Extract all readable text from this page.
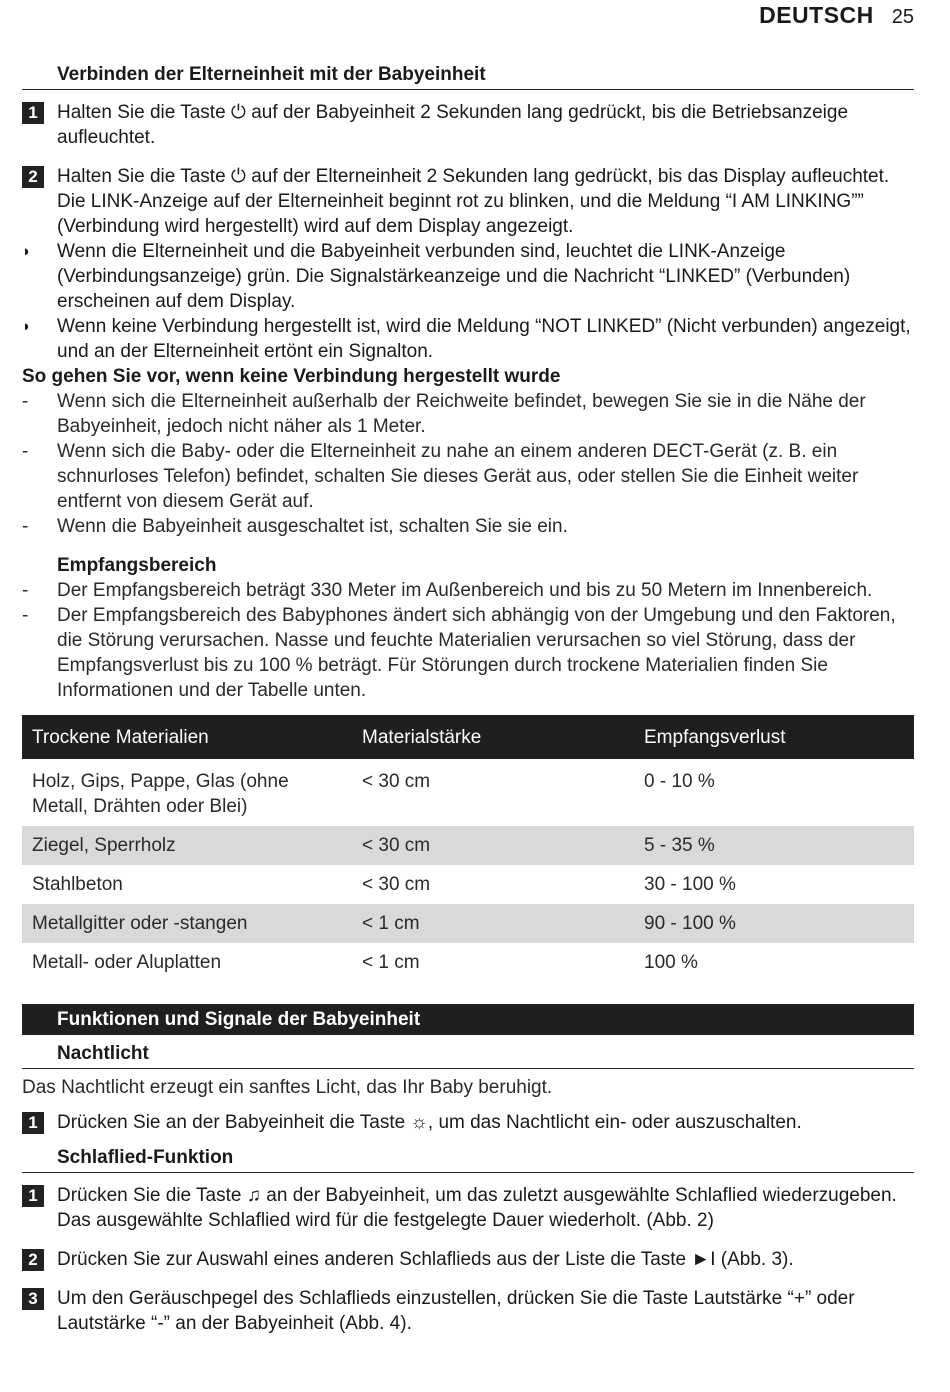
DEUTSCH 25
Verbinden der Elterneinheit mit der Babyeinheit
1	Halten Sie die Taste ⏻ auf der Babyeinheit 2 Sekunden lang gedrückt, bis die Betriebsanzeige aufleuchtet.
2	Halten Sie die Taste ⏻ auf der Elterneinheit 2 Sekunden lang gedrückt, bis das Display aufleuchtet. Die LINK-Anzeige auf der Elterneinheit beginnt rot zu blinken, und die Meldung “I AM LINKING”” (Verbindung wird hergestellt) wird auf dem Display angezeigt.
◗	Wenn die Elterneinheit und die Babyeinheit verbunden sind, leuchtet die LINK-Anzeige (Verbindungsanzeige) grün. Die Signalstärkeanzeige und die Nachricht “LINKED” (Verbunden) erscheinen auf dem Display.
◗	Wenn keine Verbindung hergestellt ist, wird die Meldung “NOT LINKED” (Nicht verbunden) angezeigt, und an der Elterneinheit ertönt ein Signalton.
So gehen Sie vor, wenn keine Verbindung hergestellt wurde
-	Wenn sich die Elterneinheit außerhalb der Reichweite befindet, bewegen Sie sie in die Nähe der Babyeinheit, jedoch nicht näher als 1 Meter.
-	Wenn sich die Baby- oder die Elterneinheit zu nahe an einem anderen DECT-Gerät (z. B. ein schnurloses Telefon) befindet, schalten Sie dieses Gerät aus, oder stellen Sie die Einheit weiter entfernt von diesem Gerät auf.
-	Wenn die Babyeinheit ausgeschaltet ist, schalten Sie sie ein.
Empfangsbereich
-	Der Empfangsbereich beträgt 330 Meter im Außenbereich und bis zu 50 Metern im Innenbereich.
-	Der Empfangsbereich des Babyphones ändert sich abhängig von der Umgebung und den Faktoren, die Störung verursachen. Nasse und feuchte Materialien verursachen so viel Störung, dass der Empfangsverlust bis zu 100 % beträgt. Für Störungen durch trockene Materialien finden Sie Informationen und der Tabelle unten.
Trockene Materialien	Materialstärke	Empfangsverlust
Holz, Gips, Pappe, Glas (ohne Metall, Drähten oder Blei)	< 30 cm	0 - 10 %
Ziegel, Sperrholz	< 30 cm	5 - 35 %
Stahlbeton	< 30 cm	30 - 100 %
Metallgitter oder -stangen	< 1 cm	90 - 100 %
Metall- oder Aluplatten	< 1 cm	100 %
Funktionen und Signale der Babyeinheit
Nachtlicht
Das Nachtlicht erzeugt ein sanftes Licht, das Ihr Baby beruhigt.
1	Drücken Sie an der Babyeinheit die Taste ☼, um das Nachtlicht ein- oder auszuschalten.
Schlaflied-Funktion
1	Drücken Sie die Taste ♫ an der Babyeinheit, um das zuletzt ausgewählte Schlaflied wiederzugeben. Das ausgewählte Schlaflied wird für die festgelegte Dauer wiederholt. (Abb. 2)
2	Drücken Sie zur Auswahl eines anderen Schlaflieds aus der Liste die Taste ►I (Abb. 3).
3	Um den Geräuschpegel des Schlaflieds einzustellen, drücken Sie die Taste Lautstärke “+” oder Lautstärke “-” an der Babyeinheit (Abb. 4).
